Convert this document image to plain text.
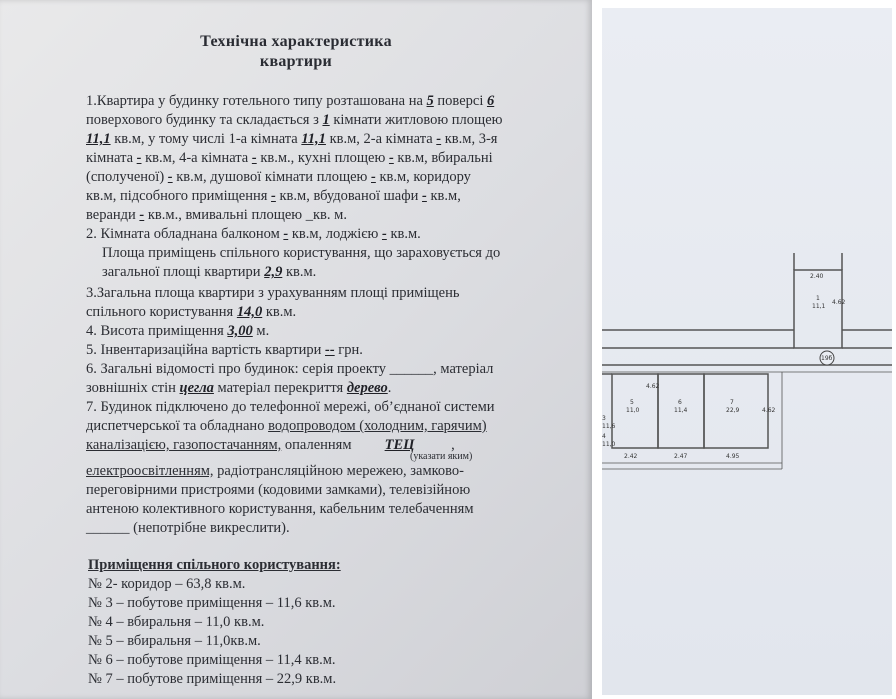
Технічна характеристика
квартири
1.Квартира у будинку готельного типу розташована на 5 поверсі 6
поверхового будинку та складається з 1 кімнати житловою площею
11,1 кв.м, у тому числі 1-а кімната 11,1 кв.м, 2-а кімната - кв.м, 3-я
кімната - кв.м, 4-а кімната - кв.м., кухні площею - кв.м, вбиральні
(сполученої) - кв.м, душової кімнати площею - кв.м, коридору
кв.м, підсобного приміщення - кв.м, вбудованої шафи - кв.м,
веранди - кв.м., вмивальні площею _кв. м.
2. Кімната обладнана балконом - кв.м, лоджією - кв.м.
Площа приміщень спільного користування, що зараховується до
загальної площі квартири 2,9 кв.м.
3.Загальна площа квартири з урахуванням площі приміщень
спільного користування 14,0 кв.м.
4. Висота приміщення 3,00 м.
5. Інвентаризаційна вартість квартири -- грн.
6. Загальні відомості про будинок: серія проекту ______, матеріал
зовнішніх стін цегла матеріал перекриття дерево.
7. Будинок підключено до телефонної мережі, об’єднаної системи
диспетчерської та обладнано водопроводом (холодним, гарячим)
каналізацією, газопостачанням, опаленням ТЕЦ ,
(указати яким)
електроосвітленням, радіотрансляційною мережею, замково-
переговірними пристроями (кодовими замками), телевізійною
антеною колективного користування, кабельним телебаченням
______ (непотрібне викреслити).
Приміщення спільного користування:
№ 2- коридор – 63,8 кв.м.
№ 3 – побутове приміщення – 11,6 кв.м.
№ 4 – вбиральня – 11,0 кв.м.
№ 5 – вбиральня – 11,0кв.м.
№ 6 – побутове приміщення – 11,4 кв.м.
№ 7 – побутове приміщення – 22,9 кв.м.
19б
2.40
4.62
1
11,1
5
11,0
4.62
2.42
6
11,4
2.47
7
22,9	4.62
4.95
3
11,6
4
11,0
